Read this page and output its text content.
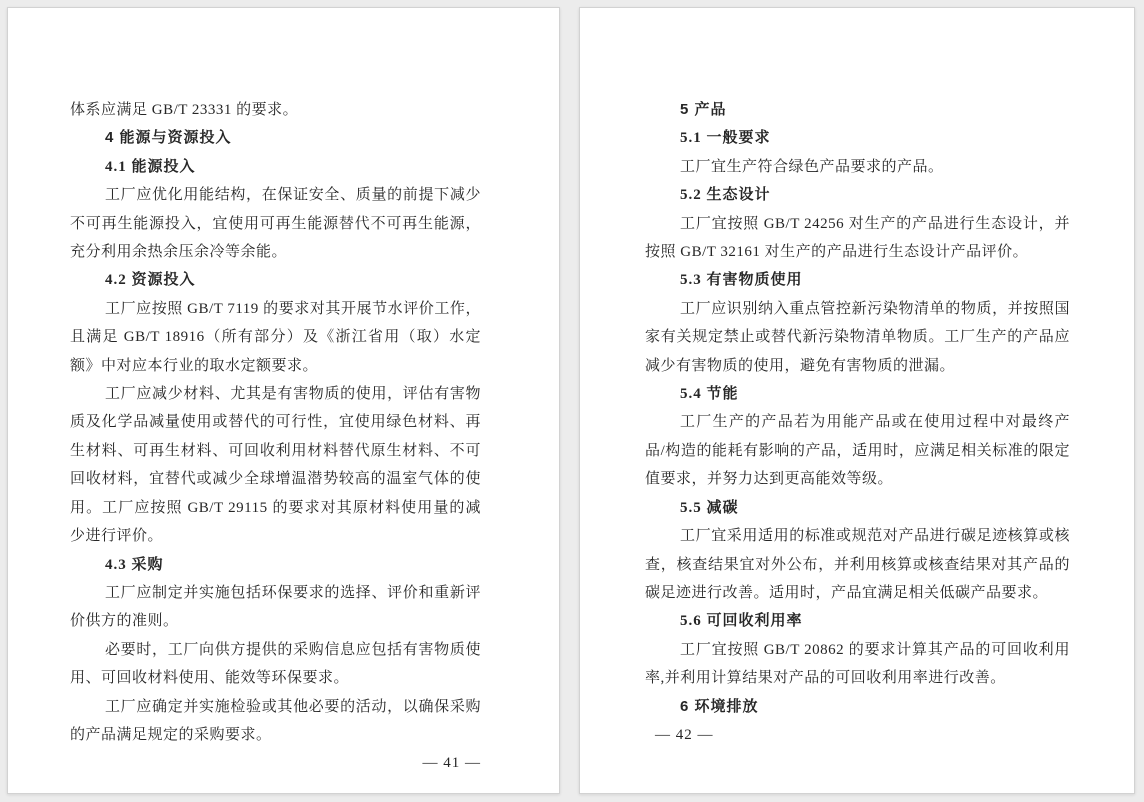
体系应满足 GB/T 23331 的要求。
4 能源与资源投入
4.1 能源投入
工厂应优化用能结构，在保证安全、质量的前提下减少不可再生能源投入，宜使用可再生能源替代不可再生能源，充分利用余热余压余冷等余能。
4.2 资源投入
工厂应按照 GB/T 7119 的要求对其开展节水评价工作，且满足 GB/T 18916（所有部分）及《浙江省用（取）水定额》中对应本行业的取水定额要求。
工厂应减少材料、尤其是有害物质的使用，评估有害物质及化学品减量使用或替代的可行性，宜使用绿色材料、再生材料、可再生材料、可回收利用材料替代原生材料、不可回收材料，宜替代或减少全球增温潜势较高的温室气体的使用。工厂应按照 GB/T 29115 的要求对其原材料使用量的减少进行评价。
4.3 采购
工厂应制定并实施包括环保要求的选择、评价和重新评价供方的准则。
必要时，工厂向供方提供的采购信息应包括有害物质使用、可回收材料使用、能效等环保要求。
工厂应确定并实施检验或其他必要的活动，以确保采购的产品满足规定的采购要求。
— 41 —
5 产品
5.1 一般要求
工厂宜生产符合绿色产品要求的产品。
5.2 生态设计
工厂宜按照 GB/T 24256 对生产的产品进行生态设计，并按照 GB/T 32161 对生产的产品进行生态设计产品评价。
5.3 有害物质使用
工厂应识别纳入重点管控新污染物清单的物质，并按照国家有关规定禁止或替代新污染物清单物质。工厂生产的产品应减少有害物质的使用，避免有害物质的泄漏。
5.4 节能
工厂生产的产品若为用能产品或在使用过程中对最终产品/构造的能耗有影响的产品，适用时，应满足相关标准的限定值要求，并努力达到更高能效等级。
5.5 减碳
工厂宜采用适用的标准或规范对产品进行碳足迹核算或核查，核查结果宜对外公布，并利用核算或核查结果对其产品的碳足迹进行改善。适用时，产品宜满足相关低碳产品要求。
5.6 可回收利用率
工厂宜按照 GB/T 20862 的要求计算其产品的可回收利用率,并利用计算结果对产品的可回收利用率进行改善。
6 环境排放
— 42 —
